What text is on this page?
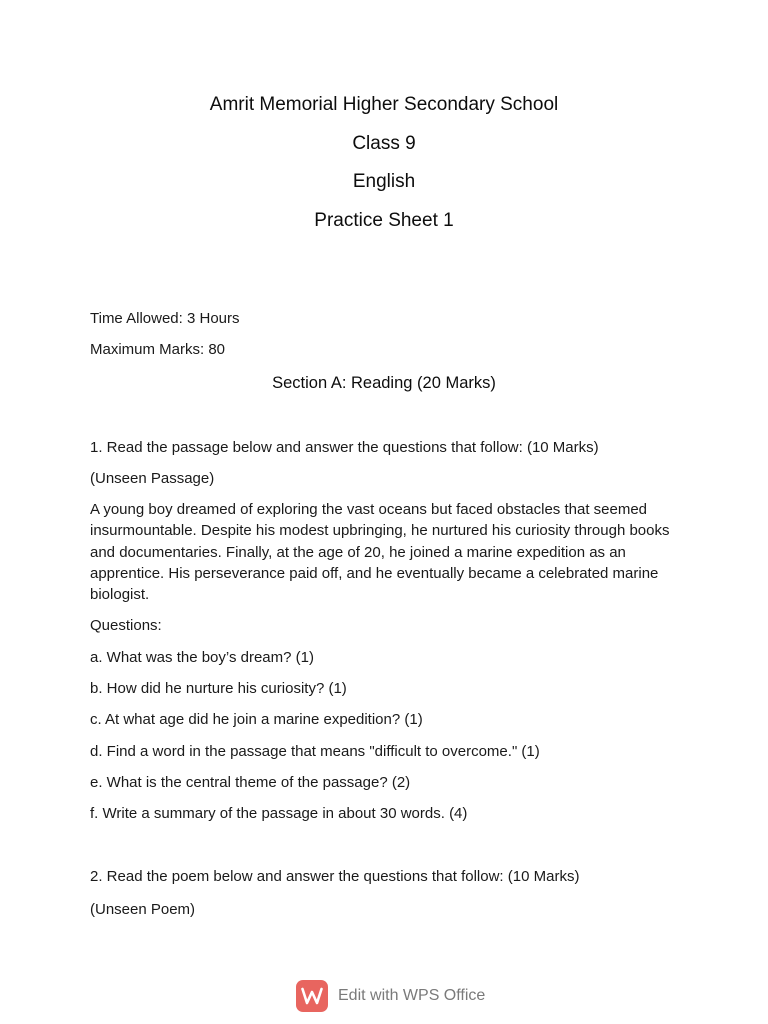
Amrit Memorial Higher Secondary School
Class 9
English
Practice Sheet 1
Time Allowed: 3 Hours
Maximum Marks: 80
Section A: Reading (20 Marks)
1. Read the passage below and answer the questions that follow: (10 Marks)
(Unseen Passage)
A young boy dreamed of exploring the vast oceans but faced obstacles that seemed
insurmountable. Despite his modest upbringing, he nurtured his curiosity through books
and documentaries. Finally, at the age of 20, he joined a marine expedition as an
apprentice. His perseverance paid off, and he eventually became a celebrated marine
biologist.
Questions:
a. What was the boy’s dream? (1)
b. How did he nurture his curiosity? (1)
c. At what age did he join a marine expedition? (1)
d. Find a word in the passage that means "difficult to overcome." (1)
e. What is the central theme of the passage? (2)
f. Write a summary of the passage in about 30 words. (4)
2. Read the poem below and answer the questions that follow: (10 Marks)
(Unseen Poem)
Edit with WPS Office
